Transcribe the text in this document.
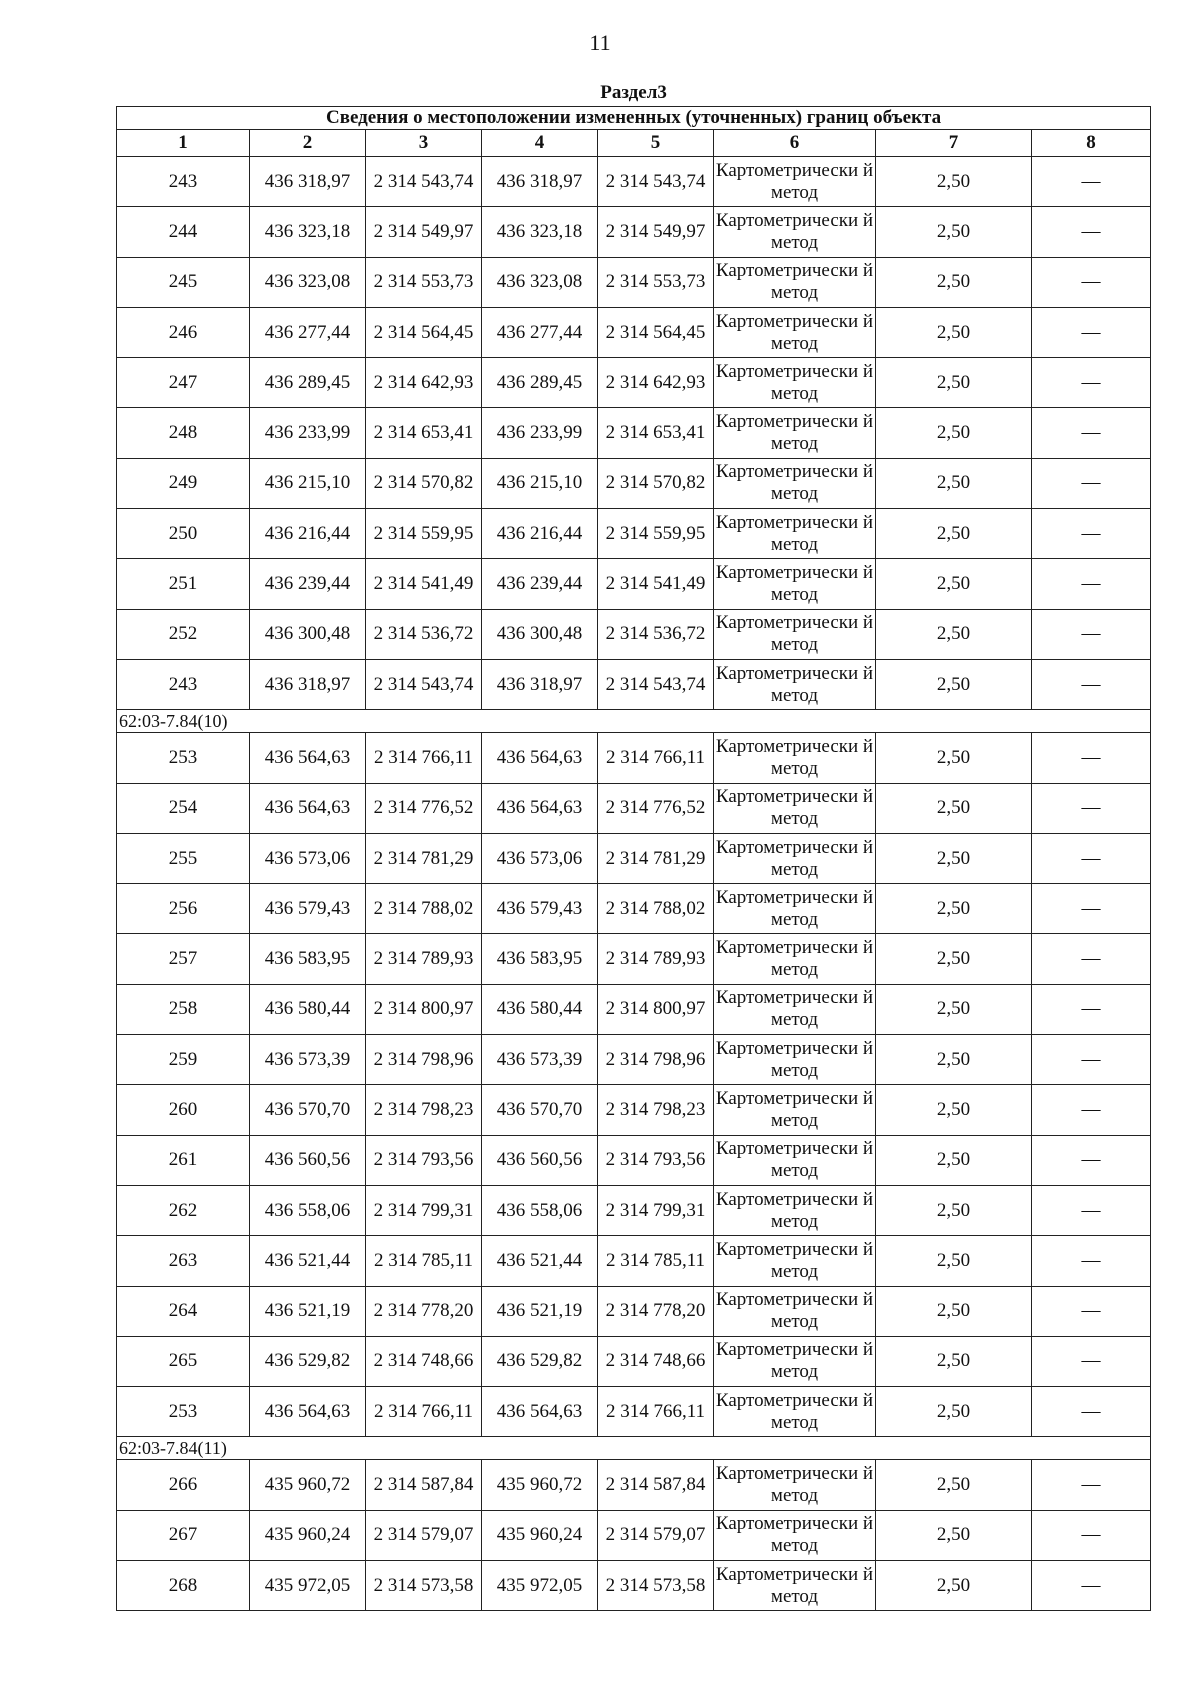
11
Раздел3							
Сведения о местоположении измененных (уточненных) границ объекта							
1	2	3	4	5	6	7	8
243	436 318,97	2 314 543,74	436 318,97	2 314 543,74	Картометрически й метод	2,50	—
244	436 323,18	2 314 549,97	436 323,18	2 314 549,97	Картометрически й метод	2,50	—
245	436 323,08	2 314 553,73	436 323,08	2 314 553,73	Картометрически й метод	2,50	—
246	436 277,44	2 314 564,45	436 277,44	2 314 564,45	Картометрически й метод	2,50	—
247	436 289,45	2 314 642,93	436 289,45	2 314 642,93	Картометрически й метод	2,50	—
248	436 233,99	2 314 653,41	436 233,99	2 314 653,41	Картометрически й метод	2,50	—
249	436 215,10	2 314 570,82	436 215,10	2 314 570,82	Картометрически й метод	2,50	—
250	436 216,44	2 314 559,95	436 216,44	2 314 559,95	Картометрически й метод	2,50	—
251	436 239,44	2 314 541,49	436 239,44	2 314 541,49	Картометрически й метод	2,50	—
252	436 300,48	2 314 536,72	436 300,48	2 314 536,72	Картометрически й метод	2,50	—
243	436 318,97	2 314 543,74	436 318,97	2 314 543,74	Картометрически й метод	2,50	—
62:03-7.84(10)							
253	436 564,63	2 314 766,11	436 564,63	2 314 766,11	Картометрически й метод	2,50	—
254	436 564,63	2 314 776,52	436 564,63	2 314 776,52	Картометрически й метод	2,50	—
255	436 573,06	2 314 781,29	436 573,06	2 314 781,29	Картометрически й метод	2,50	—
256	436 579,43	2 314 788,02	436 579,43	2 314 788,02	Картометрически й метод	2,50	—
257	436 583,95	2 314 789,93	436 583,95	2 314 789,93	Картометрически й метод	2,50	—
258	436 580,44	2 314 800,97	436 580,44	2 314 800,97	Картометрически й метод	2,50	—
259	436 573,39	2 314 798,96	436 573,39	2 314 798,96	Картометрически й метод	2,50	—
260	436 570,70	2 314 798,23	436 570,70	2 314 798,23	Картометрически й метод	2,50	—
261	436 560,56	2 314 793,56	436 560,56	2 314 793,56	Картометрически й метод	2,50	—
262	436 558,06	2 314 799,31	436 558,06	2 314 799,31	Картометрически й метод	2,50	—
263	436 521,44	2 314 785,11	436 521,44	2 314 785,11	Картометрически й метод	2,50	—
264	436 521,19	2 314 778,20	436 521,19	2 314 778,20	Картометрически й метод	2,50	—
265	436 529,82	2 314 748,66	436 529,82	2 314 748,66	Картометрически й метод	2,50	—
253	436 564,63	2 314 766,11	436 564,63	2 314 766,11	Картометрически й метод	2,50	—
62:03-7.84(11)							
266	435 960,72	2 314 587,84	435 960,72	2 314 587,84	Картометрически й метод	2,50	—
267	435 960,24	2 314 579,07	435 960,24	2 314 579,07	Картометрически й метод	2,50	—
268	435 972,05	2 314 573,58	435 972,05	2 314 573,58	Картометрически й метод	2,50	—
